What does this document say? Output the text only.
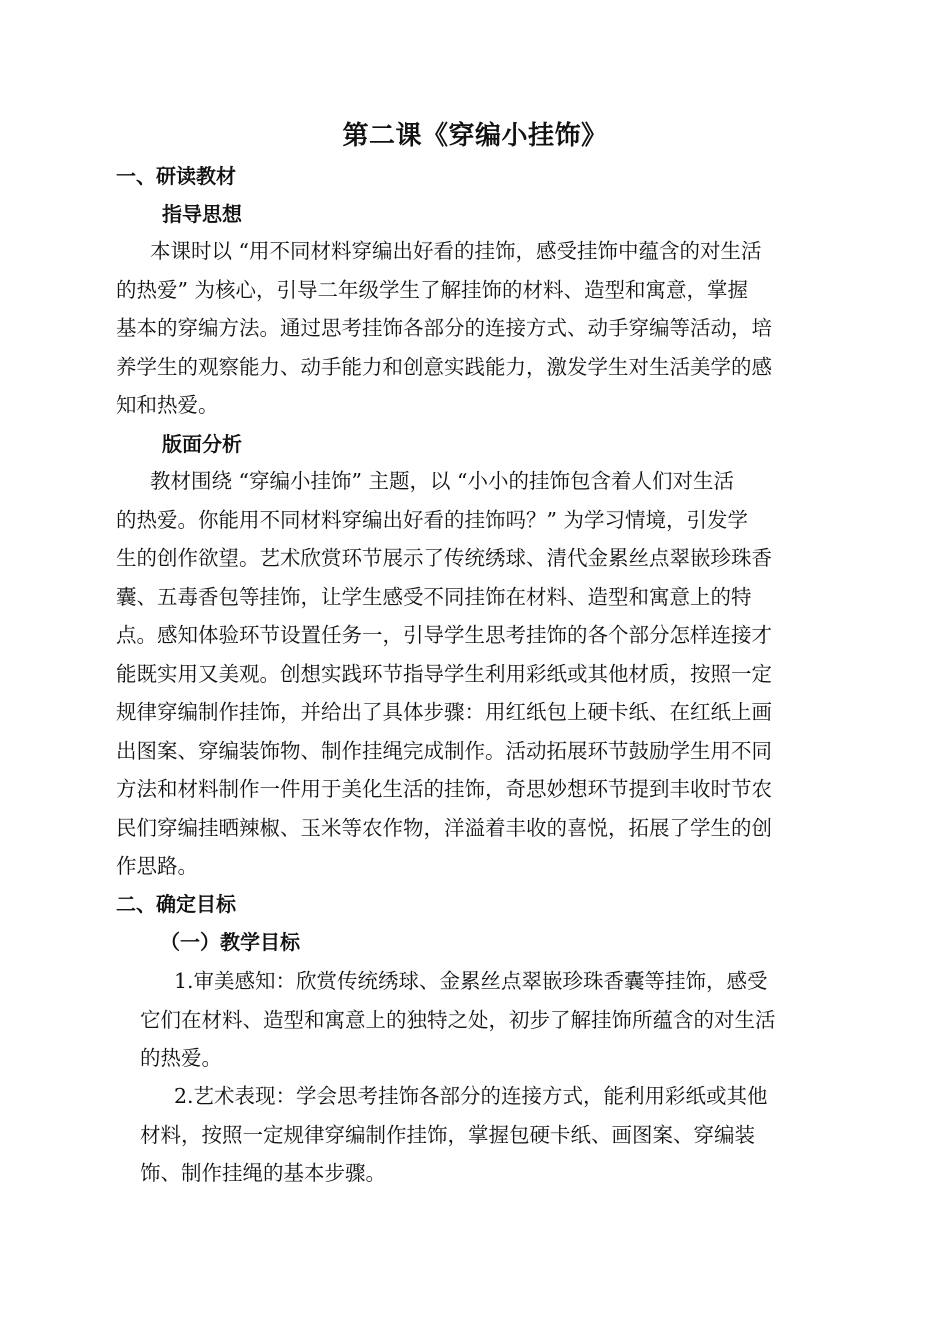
第二课《穿编小挂饰》
一、研读教材
指导思想
本课时以 “用不同材料穿编出好看的挂饰，感受挂饰中蕴含的对生活
的热爱” 为核心，引导二年级学生了解挂饰的材料、造型和寓意，掌握
基本的穿编方法。通过思考挂饰各部分的连接方式、动手穿编等活动，培
养学生的观察能力、动手能力和创意实践能力，激发学生对生活美学的感
知和热爱。
版面分析
教材围绕 “穿编小挂饰” 主题，以 “小小的挂饰包含着人们对生活
的热爱。你能用不同材料穿编出好看的挂饰吗？” 为学习情境，引发学
生的创作欲望。艺术欣赏环节展示了传统绣球、清代金累丝点翠嵌珍珠香
囊、五毒香包等挂饰，让学生感受不同挂饰在材料、造型和寓意上的特
点。感知体验环节设置任务一，引导学生思考挂饰的各个部分怎样连接才
能既实用又美观。创想实践环节指导学生利用彩纸或其他材质，按照一定
规律穿编制作挂饰，并给出了具体步骤：用红纸包上硬卡纸、在红纸上画
出图案、穿编装饰物、制作挂绳完成制作。活动拓展环节鼓励学生用不同
方法和材料制作一件用于美化生活的挂饰，奇思妙想环节提到丰收时节农
民们穿编挂晒辣椒、玉米等农作物，洋溢着丰收的喜悦，拓展了学生的创
作思路。
二、确定目标
（一）教学目标
1.审美感知：欣赏传统绣球、金累丝点翠嵌珍珠香囊等挂饰，感受
它们在材料、造型和寓意上的独特之处，初步了解挂饰所蕴含的对生活
的热爱。
2.艺术表现：学会思考挂饰各部分的连接方式，能利用彩纸或其他
材料，按照一定规律穿编制作挂饰，掌握包硬卡纸、画图案、穿编装
饰、制作挂绳的基本步骤。
